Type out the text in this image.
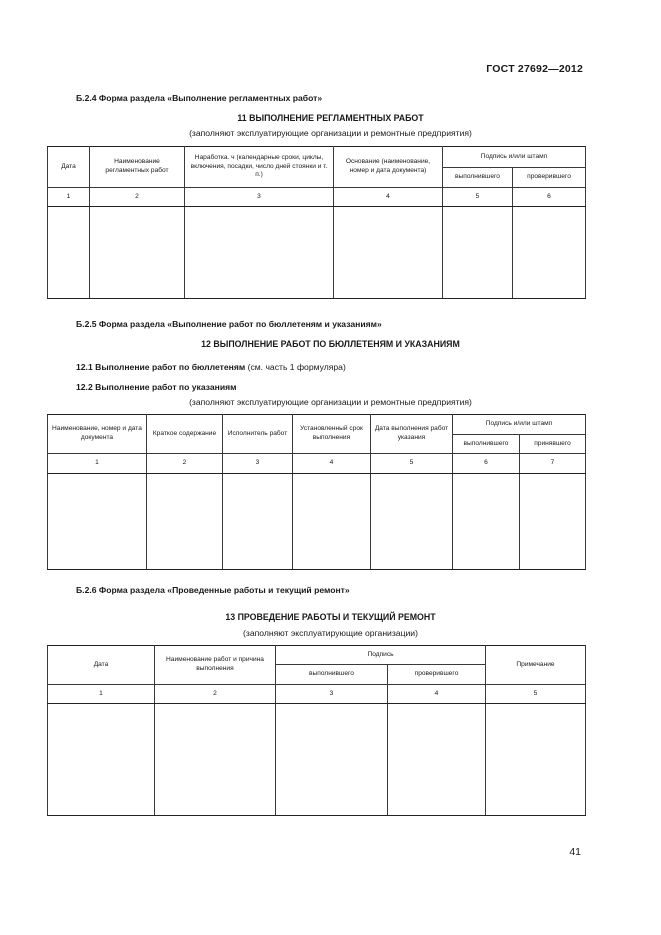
ГОСТ 27692—2012
Б.2.4 Форма раздела «Выполнение регламентных работ»
11 ВЫПОЛНЕНИЕ РЕГЛАМЕНТНЫХ РАБОТ
(заполняют эксплуатирующие организации и ремонтные предприятия)
Дата	Наименование регламентных работ	Наработка. ч (календарные сроки, циклы, включения, посадки, число дней стоянки и т. п.)	Основание (наименование, номер и дата документа)	Подпись и/или штамп	
				выполнившего	проверившего
1	2	3	4	5	6

Б.2.5 Форма раздела «Выполнение работ по бюллетеням и указаниям»
12 ВЫПОЛНЕНИЕ РАБОТ ПО БЮЛЛЕТЕНЯМ И УКАЗАНИЯМ
12.1 Выполнение работ по бюллетеням (см. часть 1 формуляра)
12.2 Выполнение работ по указаниям
(заполняют эксплуатирующие организации и ремонтные предприятия)
Наименование, номер и дата документа	Краткое содержание	Исполнитель работ	Установленный срок выполнения	Дата выполнения работ указания	Подпись и/или штамп	
					выполнившего	принявшего
1	2	3	4	5	6	7

Б.2.6 Форма раздела «Проведенные работы и текущий ремонт»
13 ПРОВЕДЕНИЕ РАБОТЫ И ТЕКУЩИЙ РЕМОНТ
(заполняют эксплуатирующие организации)
Дата	Наименование работ и причина выполнения	Подпись		Примечание
		выполнившего	проверившего	
1	2	3	4	5

41
